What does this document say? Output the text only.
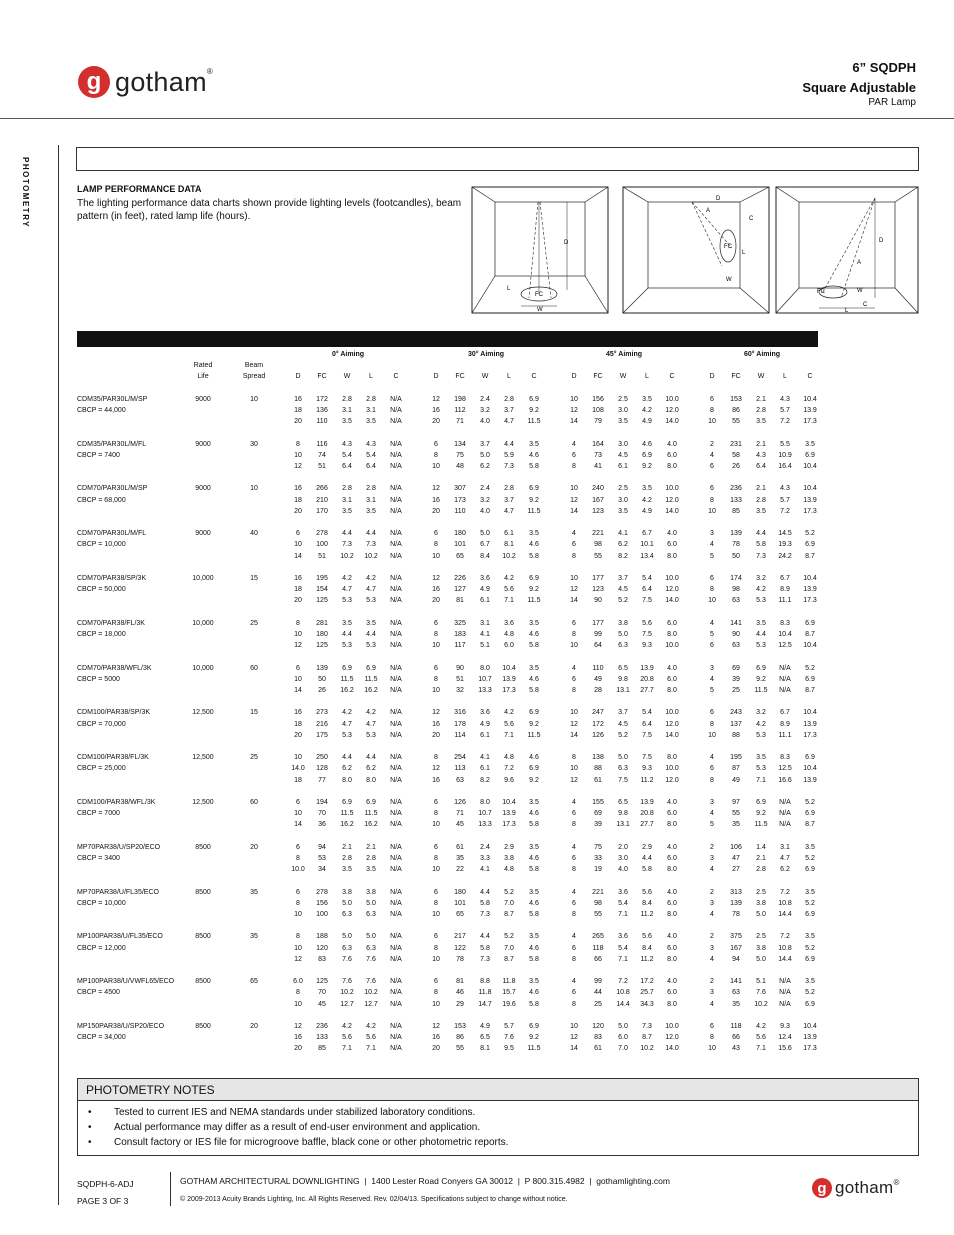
g gotham®	6” SQDPH
Square Adjustable
PAR Lamp
PHOTOMETRY	LAMP PERFORMANCE DATA
The lighting performance data charts shown provide lighting levels (footcandles), beam pattern (in feet), rated lamp life (hours).
D
FC
L
W
D
A
C
FC
L
W
D
A
FC	W
C
L
				0° Aiming						30° Aiming						45° Aiming						60° Aiming				
	Rated	Beam																								
	Life	Spread		D	FC	W	L	C		D	FC	W	L	C		D	FC	W	L	C		D	FC	W	L	C

CDM35/PAR30L/M/SP	9000	10		16	172	2.8	2.8	N/A		12	198	2.4	2.8	6.9		10	156	2.5	3.5	10.0		6	153	2.1	4.3	10.4
CBCP = 44,000				18	136	3.1	3.1	N/A		16	112	3.2	3.7	9.2		12	108	3.0	4.2	12.0		8	86	2.8	5.7	13.9
				20	110	3.5	3.5	N/A		20	71	4.0	4.7	11.5		14	79	3.5	4.9	14.0		10	55	3.5	7.2	17.3

CDM35/PAR30L/M/FL	9000	30		8	116	4.3	4.3	N/A		6	134	3.7	4.4	3.5		4	164	3.0	4.6	4.0		2	231	2.1	5.5	3.5
CBCP = 7400				10	74	5.4	5.4	N/A		8	75	5.0	5.9	4.6		6	73	4.5	6.9	6.0		4	58	4.3	10.9	6.9
				12	51	6.4	6.4	N/A		10	48	6.2	7.3	5.8		8	41	6.1	9.2	8.0		6	26	6.4	16.4	10.4

CDM70/PAR30L/M/SP	9000	10		16	266	2.8	2.8	N/A		12	307	2.4	2.8	6.9		10	240	2.5	3.5	10.0		6	236	2.1	4.3	10.4
CBCP = 68,000				18	210	3.1	3.1	N/A		16	173	3.2	3.7	9.2		12	167	3.0	4.2	12.0		8	133	2.8	5.7	13.9
				20	170	3.5	3.5	N/A		20	110	4.0	4.7	11.5		14	123	3.5	4.9	14.0		10	85	3.5	7.2	17.3

CDM70/PAR30L/M/FL	9000	40		6	278	4.4	4.4	N/A		6	180	5.0	6.1	3.5		4	221	4.1	6.7	4.0		3	139	4.4	14.5	5.2
CBCP = 10,000				10	100	7.3	7.3	N/A		8	101	6.7	8.1	4.6		6	98	6.2	10.1	6.0		4	78	5.8	19.3	6.9
				14	51	10.2	10.2	N/A		10	65	8.4	10.2	5.8		8	55	8.2	13.4	8.0		5	50	7.3	24.2	8.7

CDM70/PAR38/SP/3K	10,000	15		16	195	4.2	4.2	N/A		12	226	3.6	4.2	6.9		10	177	3.7	5.4	10.0		6	174	3.2	6.7	10.4
CBCP = 50,000				18	154	4.7	4.7	N/A		16	127	4.9	5.6	9.2		12	123	4.5	6.4	12.0		8	98	4.2	8.9	13.9
				20	125	5.3	5.3	N/A		20	81	6.1	7.1	11.5		14	90	5.2	7.5	14.0		10	63	5.3	11.1	17.3

CDM70/PAR38/FL/3K	10,000	25		8	281	3.5	3.5	N/A		6	325	3.1	3.6	3.5		6	177	3.8	5.6	6.0		4	141	3.5	8.3	6.9
CBCP = 18,000				10	180	4.4	4.4	N/A		8	183	4.1	4.8	4.6		8	99	5.0	7.5	8.0		5	90	4.4	10.4	8.7
				12	125	5.3	5.3	N/A		10	117	5.1	6.0	5.8		10	64	6.3	9.3	10.0		6	63	5.3	12.5	10.4

CDM70/PAR38/WFL/3K	10,000	60		6	139	6.9	6.9	N/A		6	90	8.0	10.4	3.5		4	110	6.5	13.9	4.0		3	69	6.9	N/A	5.2
CBCP = 5000				10	50	11.5	11.5	N/A		8	51	10.7	13.9	4.6		6	49	9.8	20.8	6.0		4	39	9.2	N/A	6.9
				14	26	16.2	16.2	N/A		10	32	13.3	17.3	5.8		8	28	13.1	27.7	8.0		5	25	11.5	N/A	8.7

CDM100/PAR38/SP/3K	12,500	15		16	273	4.2	4.2	N/A		12	316	3.6	4.2	6.9		10	247	3.7	5.4	10.0		6	243	3.2	6.7	10.4
CBCP = 70,000				18	216	4.7	4.7	N/A		16	178	4.9	5.6	9.2		12	172	4.5	6.4	12.0		8	137	4.2	8.9	13.9
				20	175	5.3	5.3	N/A		20	114	6.1	7.1	11.5		14	126	5.2	7.5	14.0		10	88	5.3	11.1	17.3

CDM100/PAR38/FL/3K	12,500	25		10	250	4.4	4.4	N/A		8	254	4.1	4.8	4.6		8	138	5.0	7.5	8.0		4	195	3.5	8.3	6.9
CBCP = 25,000				14.0	128	6.2	6.2	N/A		12	113	6.1	7.2	6.9		10	88	6.3	9.3	10.0		6	87	5.3	12.5	10.4
				18	77	8.0	8.0	N/A		16	63	8.2	9.6	9.2		12	61	7.5	11.2	12.0		8	49	7.1	16.6	13.9

CDM100/PAR38/WFL/3K	12,500	60		6	194	6.9	6.9	N/A		6	126	8.0	10.4	3.5		4	155	6.5	13.9	4.0		3	97	6.9	N/A	5.2
CBCP = 7000				10	70	11.5	11.5	N/A		8	71	10.7	13.9	4.6		6	69	9.8	20.8	6.0		4	55	9.2	N/A	6.9
				14	36	16.2	16.2	N/A		10	45	13.3	17.3	5.8		8	39	13.1	27.7	8.0		5	35	11.5	N/A	8.7

MP70PAR38/U/SP20/ECO	8500	20		6	94	2.1	2.1	N/A		6	61	2.4	2.9	3.5		4	75	2.0	2.9	4.0		2	106	1.4	3.1	3.5
CBCP = 3400				8	53	2.8	2.8	N/A		8	35	3.3	3.8	4.6		6	33	3.0	4.4	6.0		3	47	2.1	4.7	5.2
				10.0	34	3.5	3.5	N/A		10	22	4.1	4.8	5.8		8	19	4.0	5.8	8.0		4	27	2.8	6.2	6.9

MP70PAR38/U/FL35/ECO	8500	35		6	278	3.8	3.8	N/A		6	180	4.4	5.2	3.5		4	221	3.6	5.6	4.0		2	313	2.5	7.2	3.5
CBCP = 10,000				8	156	5.0	5.0	N/A		8	101	5.8	7.0	4.6		6	98	5.4	8.4	6.0		3	139	3.8	10.8	5.2
				10	100	6.3	6.3	N/A		10	65	7.3	8.7	5.8		8	55	7.1	11.2	8.0		4	78	5.0	14.4	6.9

MP100PAR38/U/FL35/ECO	8500	35		8	188	5.0	5.0	N/A		6	217	4.4	5.2	3.5		4	265	3.6	5.6	4.0		2	375	2.5	7.2	3.5
CBCP = 12,000				10	120	6.3	6.3	N/A		8	122	5.8	7.0	4.6		6	118	5.4	8.4	6.0		3	167	3.8	10.8	5.2
				12	83	7.6	7.6	N/A		10	78	7.3	8.7	5.8		8	66	7.1	11.2	8.0		4	94	5.0	14.4	6.9

MP100PAR38/U/VWFL65/ECO	8500	65		6.0	125	7.6	7.6	N/A		6	81	8.8	11.8	3.5		4	99	7.2	17.2	4.0		2	141	5.1	N/A	3.5
CBCP = 4500				8	70	10.2	10.2	N/A		8	46	11.8	15.7	4.6		6	44	10.8	25.7	6.0		3	63	7.6	N/A	5.2
				10	45	12.7	12.7	N/A		10	29	14.7	19.6	5.8		8	25	14.4	34.3	8.0		4	35	10.2	N/A	6.9

MP150PAR38/U/SP20/ECO	8500	20		12	236	4.2	4.2	N/A		12	153	4.9	5.7	6.9		10	120	5.0	7.3	10.0		6	118	4.2	9.3	10.4
CBCP = 34,000				16	133	5.6	5.6	N/A		16	86	6.5	7.6	9.2		12	83	6.0	8.7	12.0		8	66	5.6	12.4	13.9
				20	85	7.1	7.1	N/A		20	55	8.1	9.5	11.5		14	61	7.0	10.2	14.0		10	43	7.1	15.6	17.3
PHOTOMETRY NOTES
• Tested to current IES and NEMA standards under stabilized laboratory conditions.
• Actual performance may differ as a result of end-user environment and application.
• Consult factory or IES file for microgroove baffle, black cone or other photometric reports.
SQDPH-6-ADJ
PAGE 3 OF 3
GOTHAM ARCHITECTURAL DOWNLIGHTING  |  1400 Lester Road Conyers GA 30012  |  P 800.315.4982  |  gothamlighting.com
© 2009-2013 Acuity Brands Lighting, Inc. All Rights Reserved. Rev. 02/04/13. Specifications subject to change without notice.
g gotham®
